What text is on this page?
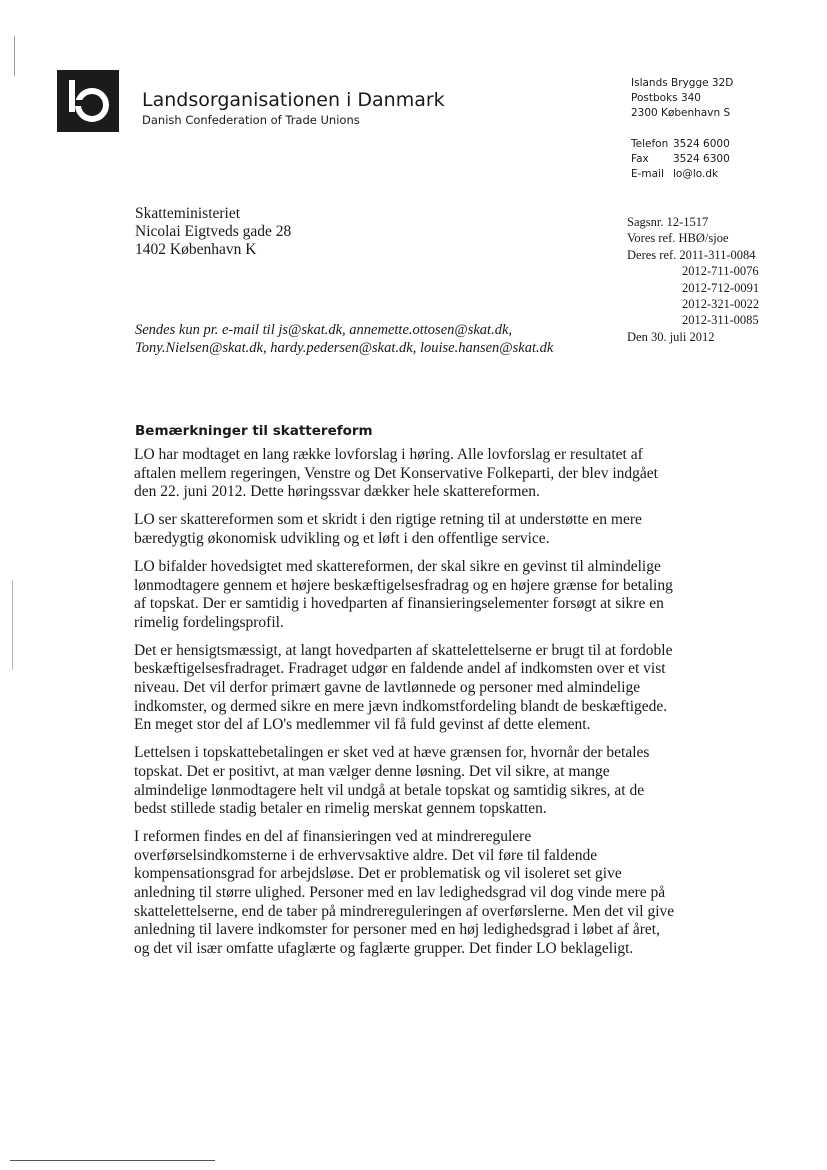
Landsorganisationen i Danmark
Danish Confederation of Trade Unions
Islands Brygge 32D
Postboks 340
2300 København S
Telefon 3524 6000
Fax	3524 6300
E-mail lo@lo.dk
Skatteministeriet
Nicolai Eigtveds gade 28
1402 København K
Sagsnr. 12-1517
Vores ref. HBØ/sjoe
Deres ref. 2011-311-0084
2012-711-0076
2012-712-0091
2012-321-0022
2012-311-0085
Den 30. juli 2012
Sendes kun pr. e-mail til js@skat.dk, annemette.ottosen@skat.dk,
Tony.Nielsen@skat.dk, hardy.pedersen@skat.dk, louise.hansen@skat.dk
Bemærkninger til skattereform

LO har modtaget en lang række lovforslag i høring. Alle lovforslag er resultatet af aftalen mellem regeringen, Venstre og Det Konservative Folkeparti, der blev indgået den 22. juni 2012. Dette høringssvar dækker hele skattereformen.

LO ser skattereformen som et skridt i den rigtige retning til at understøtte en mere bæredygtig økonomisk udvikling og et løft i den offentlige service.

LO bifalder hovedsigtet med skattereformen, der skal sikre en gevinst til almindelige lønmodtagere gennem et højere beskæftigelsesfradrag og en højere grænse for betaling af topskat. Der er samtidig i hovedparten af finansieringselementer forsøgt at sikre en rimelig fordelingsprofil.

Det er hensigtsmæssigt, at langt hovedparten af skattelettelserne er brugt til at fordoble beskæftigelsesfradraget. Fradraget udgør en faldende andel af indkomsten over et vist niveau. Det vil derfor primært gavne de lavtlønnede og personer med almindelige indkomster, og dermed sikre en mere jævn indkomstfordeling blandt de beskæftigede. En meget stor del af LO's medlemmer vil få fuld gevinst af dette element.

Lettelsen i topskattebetalingen er sket ved at hæve grænsen for, hvornår der betales topskat. Det er positivt, at man vælger denne løsning. Det vil sikre, at mange almindelige lønmodtagere helt vil undgå at betale topskat og samtidig sikres, at de bedst stillede stadig betaler en rimelig merskat gennem topskatten.

I reformen findes en del af finansieringen ved at mindreregulere overførselsindkomsterne i de erhvervsaktive aldre. Det vil føre til faldende kompensationsgrad for arbejdsløse. Det er problematisk og vil isoleret set give anledning til større ulighed. Personer med en lav ledighedsgrad vil dog vinde mere på skattelettelserne, end de taber på mindrereguleringen af overførslerne. Men det vil give anledning til lavere indkomster for personer med en høj ledighedsgrad i løbet af året, og det vil især omfatte ufaglærte og faglærte grupper. Det finder LO beklageligt.
